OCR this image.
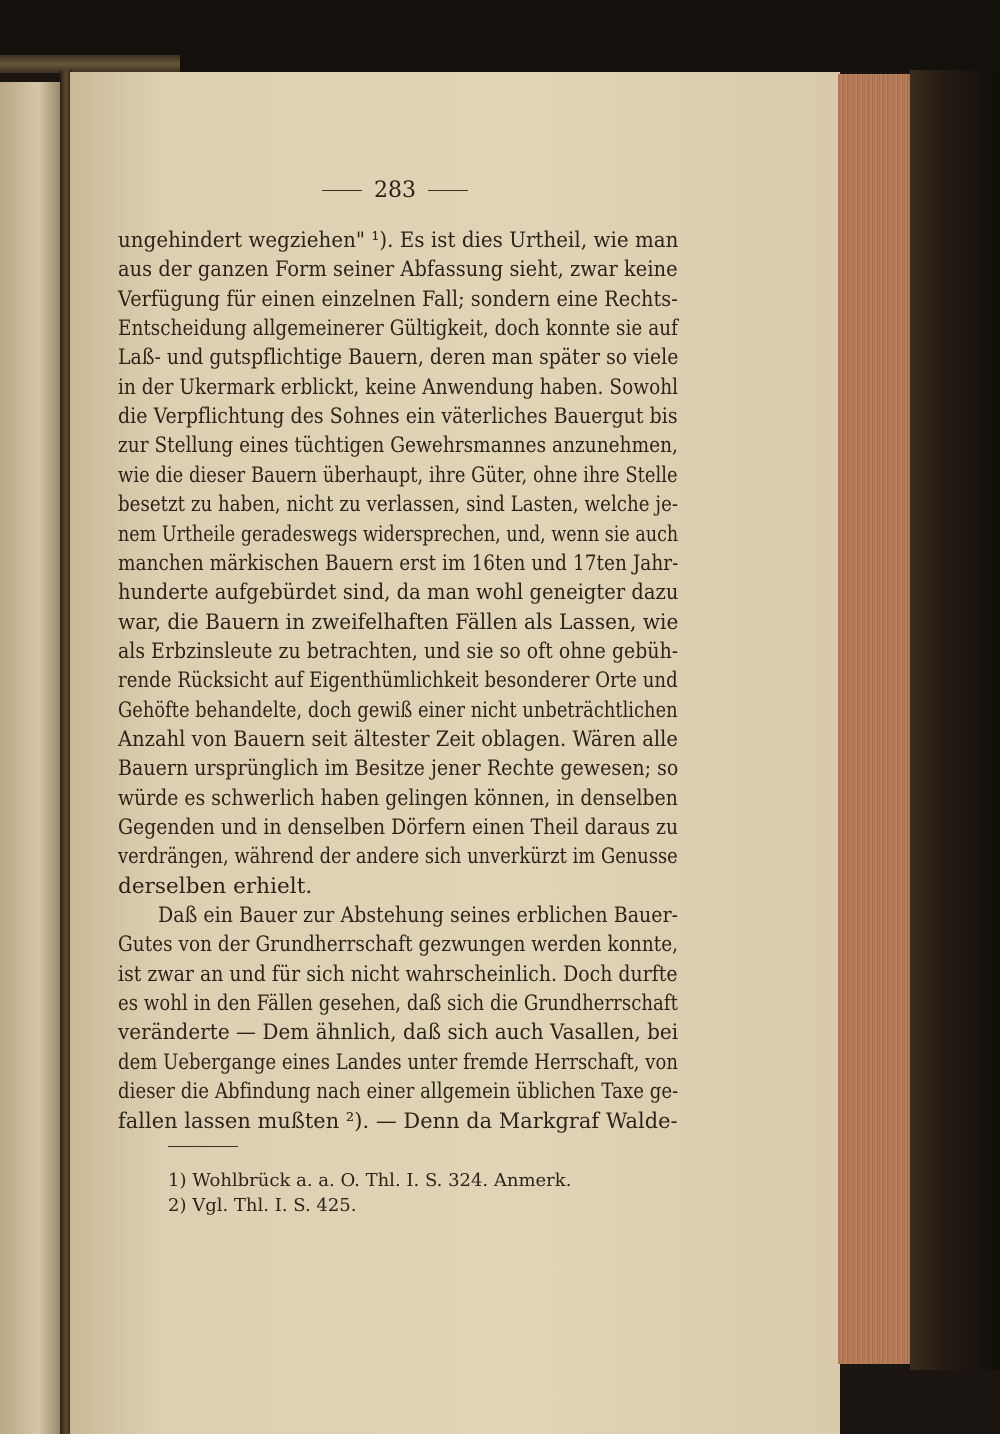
283
ungehindert wegziehen" ¹). Es ist dies Urtheil, wie man
aus der ganzen Form seiner Abfassung sieht, zwar keine
Verfügung für einen einzelnen Fall; sondern eine Rechts-
Entscheidung allgemeinerer Gültigkeit, doch konnte sie auf
Laß- und gutspflichtige Bauern, deren man später so viele
in der Ukermark erblickt, keine Anwendung haben. Sowohl
die Verpflichtung des Sohnes ein väterliches Bauergut bis
zur Stellung eines tüchtigen Gewehrsmannes anzunehmen,
wie die dieser Bauern überhaupt, ihre Güter, ohne ihre Stelle
besetzt zu haben, nicht zu verlassen, sind Lasten, welche je-
nem Urtheile geradeswegs widersprechen, und, wenn sie auch
manchen märkischen Bauern erst im 16ten und 17ten Jahr-
hunderte aufgebürdet sind, da man wohl geneigter dazu
war, die Bauern in zweifelhaften Fällen als Lassen, wie
als Erbzinsleute zu betrachten, und sie so oft ohne gebüh-
rende Rücksicht auf Eigenthümlichkeit besonderer Orte und
Gehöfte behandelte, doch gewiß einer nicht unbeträchtlichen
Anzahl von Bauern seit ältester Zeit oblagen. Wären alle
Bauern ursprünglich im Besitze jener Rechte gewesen; so
würde es schwerlich haben gelingen können, in denselben
Gegenden und in denselben Dörfern einen Theil daraus zu
verdrängen, während der andere sich unverkürzt im Genusse
derselben erhielt.
Daß ein Bauer zur Abstehung seines erblichen Bauer-
Gutes von der Grundherrschaft gezwungen werden konnte,
ist zwar an und für sich nicht wahrscheinlich. Doch durfte
es wohl in den Fällen gesehen, daß sich die Grundherrschaft
veränderte — Dem ähnlich, daß sich auch Vasallen, bei
dem Uebergange eines Landes unter fremde Herrschaft, von
dieser die Abfindung nach einer allgemein üblichen Taxe ge-
fallen lassen mußten ²). — Denn da Markgraf Walde-
1) Wohlbrück a. a. O. Thl. I. S. 324. Anmerk.
2) Vgl. Thl. I. S. 425.
